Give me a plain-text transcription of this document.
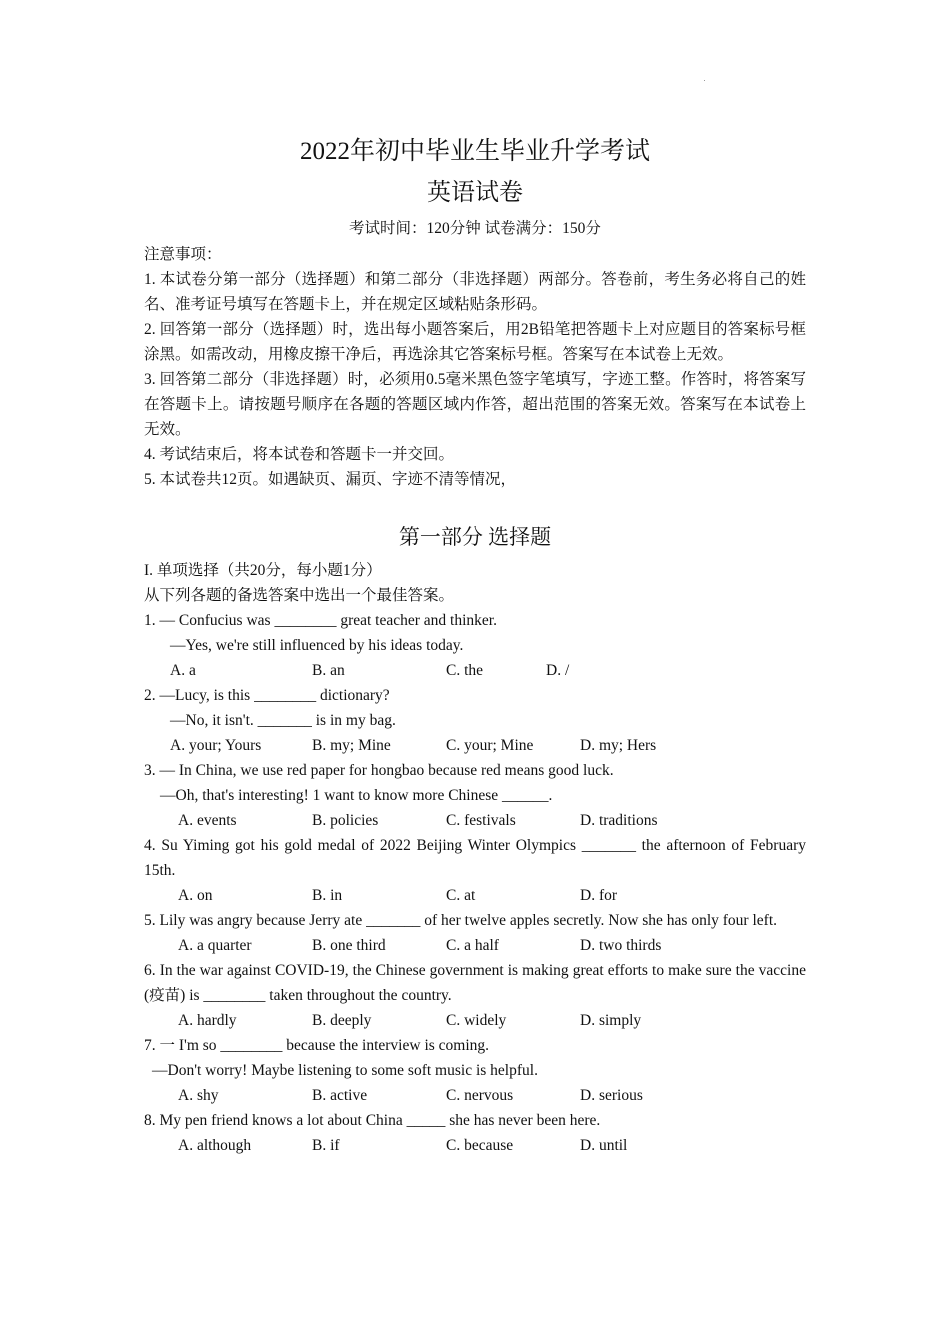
2022年初中毕业生毕业升学考试
英语试卷
考试时间：120分钟 试卷满分：150分

注意事项：

1. 本试卷分第一部分（选择题）和第二部分（非选择题）两部分。答卷前，考生务必将自己的姓名、准考证号填写在答题卡上，并在规定区域粘贴条形码。

2. 回答第一部分（选择题）时，选出每小题答案后，用2B铅笔把答题卡上对应题目的答案标号框涂黑。如需改动，用橡皮擦干净后，再选涂其它答案标号框。答案写在本试卷上无效。

3. 回答第二部分（非选择题）时，必须用0.5毫米黑色签字笔填写，字迹工整。作答时，将答案写在答题卡上。请按题号顺序在各题的答题区域内作答，超出范围的答案无效。答案写在本试卷上无效。

4. 考试结束后，将本试卷和答题卡一并交回。

5. 本试卷共12页。如遇缺页、漏页、字迹不清等情况，

第一部分 选择题

I. 单项选择（共20分，每小题1分）

从下列各题的备选答案中选出一个最佳答案。

1. — Confucius was ________ great teacher and thinker.

—Yes, we're still influenced by his ideas today.

A. a	B. an	C. the	D. /

2. —Lucy, is this ________ dictionary?

—No, it isn't. _______ is in my bag.

A. your; Yours	B. my; Mine	C. your; Mine	D. my; Hers

3. — In China, we use red paper for hongbao because red means good luck.

—Oh, that's interesting! 1 want to know more Chinese ______.

A. events	B. policies	C. festivals	D. traditions

4. Su Yiming got his gold medal of 2022 Beijing Winter Olympics _______ the afternoon of February 15th.

A. on	B. in	C. at	D. for

5. Lily was angry because Jerry ate _______ of her twelve apples secretly. Now she has only four left.

A. a quarter	B. one third	C. a half	D. two thirds

6. In the war against COVID-19, the Chinese government is making great efforts to make sure the vaccine (疫苗) is ________ taken throughout the country.

A. hardly	B. deeply	C. widely	D. simply

7. 一 I'm so ________ because the interview is coming.

—Don't worry! Maybe listening to some soft music is helpful.

A. shy	B. active	C. nervous	D. serious

8. My pen friend knows a lot about China _____ she has never been here.

A. although	B. if	C. because	D. until
